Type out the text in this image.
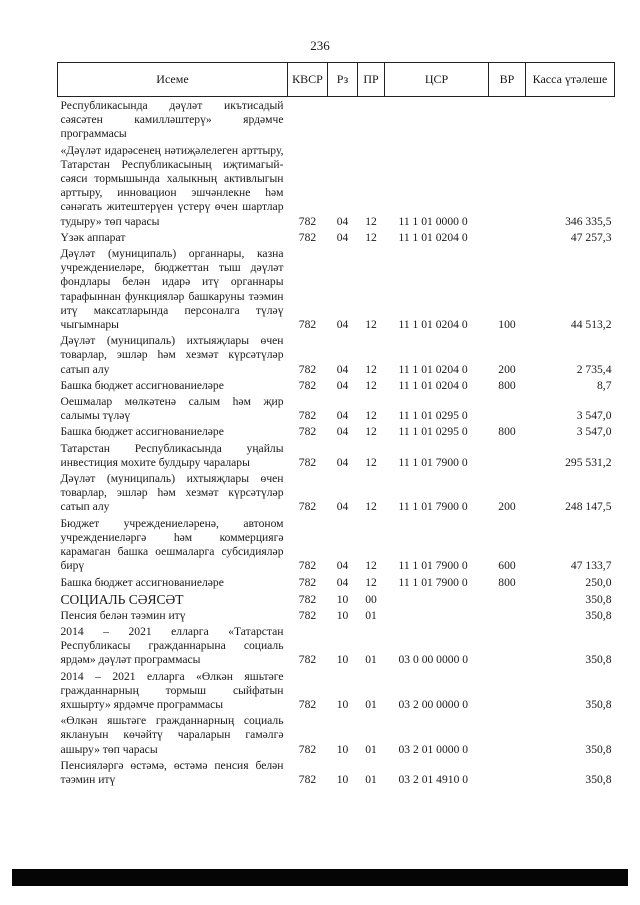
236
Исеме	КВСР	Рз	ПР	ЦСР	ВР	Касса үтәлеше
Республикасында дәүләт икътисадый сәясәтен камилләштерү» ярдәмче программасы						
«Дәүләт идарәсенең нәтиҗәлелеген арттыру, Татарстан Республикасының иҗтимагый-сәяси тормышында халыкның активлыгын арттыру, инновацион эшчәнлекне һәм сәнәгать житештерүен үстерү өчен шартлар тудыру» төп чарасы	782	04	12	11 1 01 0000 0		346 335,5
Үзәк аппарат	782	04	12	11 1 01 0204 0		47 257,3
Дәүләт (муниципаль) органнары, казна учреждениеләре, бюджеттан тыш дәүләт фондлары белән идарә итү органнары тарафыннан функцияләр башкаруны тәэмин итү максатларында персоналга түләү чыгымнары	782	04	12	11 1 01 0204 0	100	44 513,2
Дәүләт (муниципаль) ихтыяҗлары өчен товарлар, эшләр һәм хезмәт күрсәтүләр сатып алу	782	04	12	11 1 01 0204 0	200	2 735,4
Башка бюджет ассигнованиеләре	782	04	12	11 1 01 0204 0	800	8,7
Оешмалар мөлкәтенә салым һәм җир салымы түләү	782	04	12	11 1 01 0295 0		3 547,0
Башка бюджет ассигнованиеләре	782	04	12	11 1 01 0295 0	800	3 547,0
Татарстан Республикасында уңайлы инвестиция мохите булдыру чаралары	782	04	12	11 1 01 7900 0		295 531,2
Дәүләт (муниципаль) ихтыяҗлары өчен товарлар, эшләр һәм хезмәт күрсәтүләр сатып алу	782	04	12	11 1 01 7900 0	200	248 147,5
Бюджет учреждениеләренә, автоном учреждениеләргә һәм коммерциягә карамаган башка оешмаларга субсидияләр бирү	782	04	12	11 1 01 7900 0	600	47 133,7
Башка бюджет ассигнованиеләре	782	04	12	11 1 01 7900 0	800	250,0
СОЦИАЛЬ СӘЯСӘТ	782	10	00			350,8
Пенсия белән тәэмин итү	782	10	01			350,8
2014 – 2021 елларга «Татарстан Республикасы гражданнарына социаль ярдәм» дәүләт программасы	782	10	01	03 0 00 0000 0		350,8
2014 – 2021 елларга «Өлкән яшьтәге гражданнарның тормыш сыйфатын яхшырту» ярдәмче программасы	782	10	01	03 2 00 0000 0		350,8
«Өлкән яшьтәге гражданнарның социаль яклануын көчәйтү чараларын гамәлгә ашыру» төп чарасы	782	10	01	03 2 01 0000 0		350,8
Пенсияләргә өстәмә, өстәмә пенсия белән тәэмин итү	782	10	01	03 2 01 4910 0		350,8
